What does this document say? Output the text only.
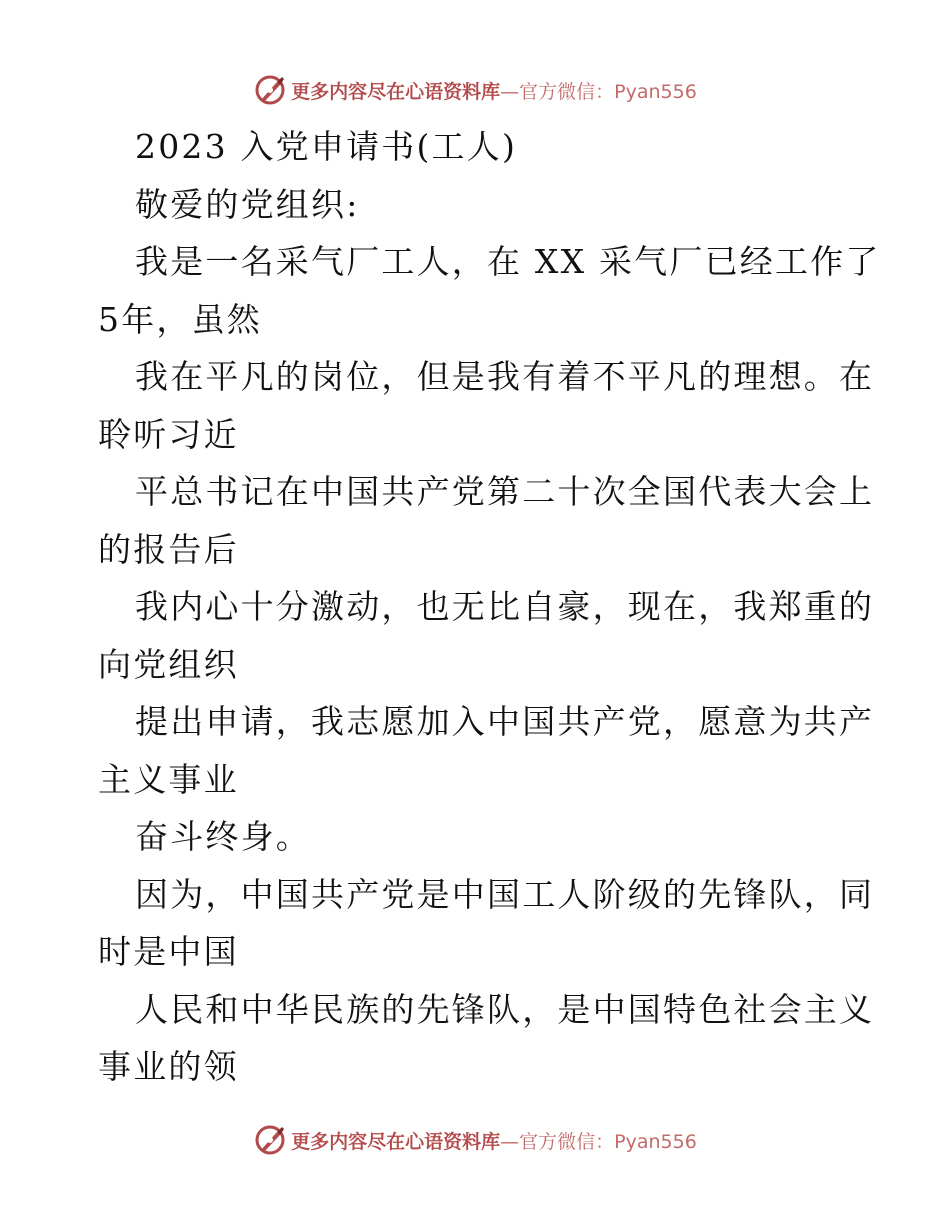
更多内容尽在心语资料库—官方微信：Pyan556
2023 入党申请书(工人)
敬爱的党组织:
我是一名采气厂工人，在 XX 采气厂已经工作了
5年，虽然
我在平凡的岗位，但是我有着不平凡的理想。在
聆听习近
平总书记在中国共产党第二十次全国代表大会上
的报告后
我内心十分激动，也无比自豪，现在，我郑重的
向党组织
提出申请，我志愿加入中国共产党，愿意为共产
主义事业
奋斗终身。
因为，中国共产党是中国工人阶级的先锋队，同
时是中国
人民和中华民族的先锋队，是中国特色社会主义
事业的领
更多内容尽在心语资料库—官方微信：Pyan556
